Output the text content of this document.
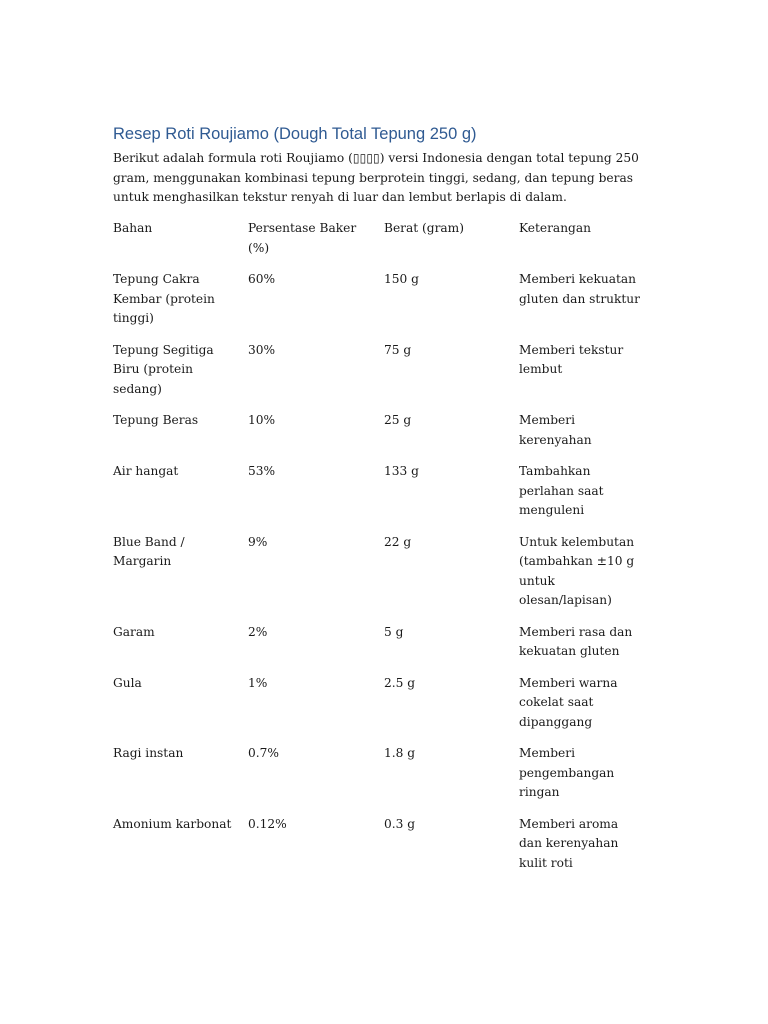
Resep Roti Roujiamo (Dough Total Tepung 250 g)

Berikut adalah formula roti Roujiamo (▯▯▯▯) versi Indonesia dengan total tepung 250 gram, menggunakan kombinasi tepung berprotein tinggi, sedang, dan tepung beras untuk menghasilkan tekstur renyah di luar dan lembut berlapis di dalam.

Bahan	Persentase Baker (%)	Berat (gram)	Keterangan
Tepung Cakra Kembar (protein tinggi)	60%	150 g	Memberi kekuatan gluten dan struktur
Tepung Segitiga Biru (protein sedang)	30%	75 g	Memberi tekstur lembut
Tepung Beras	10%	25 g	Memberi kerenyahan
Air hangat	53%	133 g	Tambahkan perlahan saat menguleni
Blue Band / Margarin	9%	22 g	Untuk kelembutan (tambahkan ±10 g untuk olesan/lapisan)
Garam	2%	5 g	Memberi rasa dan kekuatan gluten
Gula	1%	2.5 g	Memberi warna cokelat saat dipanggang
Ragi instan	0.7%	1.8 g	Memberi pengembangan ringan
Amonium karbonat	0.12%	0.3 g	Memberi aroma dan kerenyahan kulit roti
